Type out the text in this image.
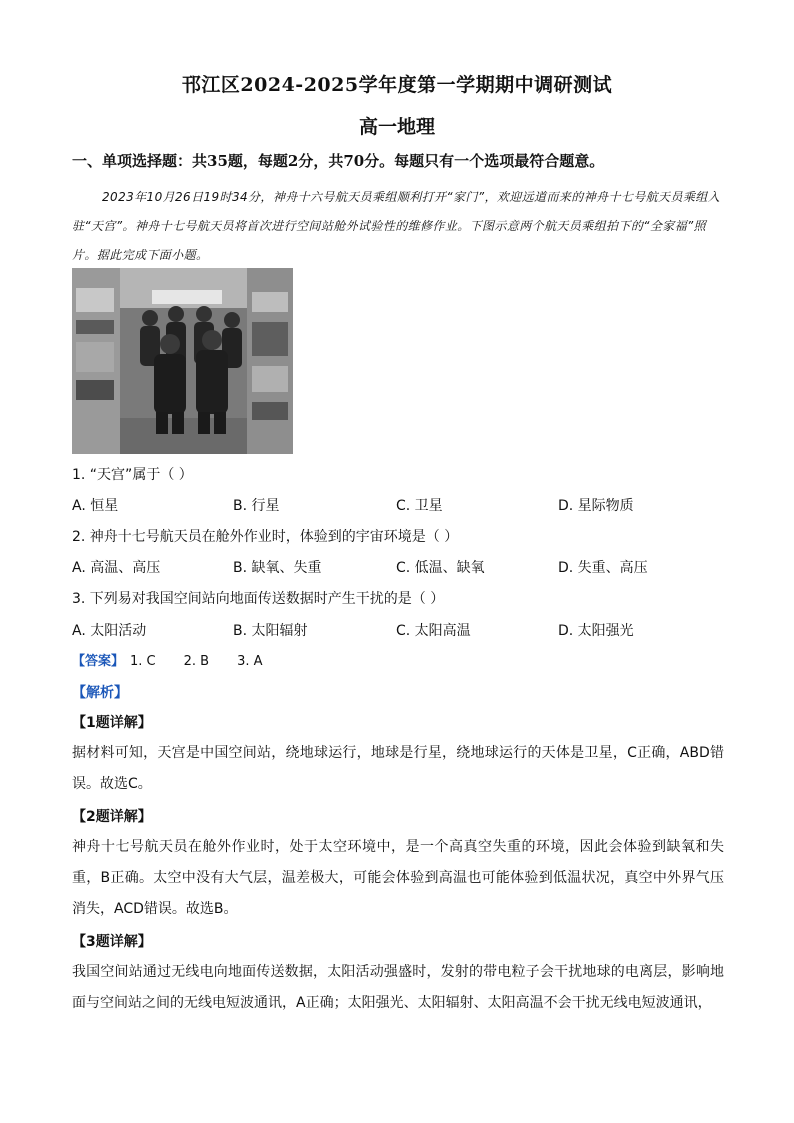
邗江区2024-2025学年度第一学期期中调研测试
高一地理
一、单项选择题：共35题，每题2分，共70分。每题只有一个选项最符合题意。
2023年10月26日19时34分，神舟十六号航天员乘组顺利打开“家门”，欢迎远道而来的神舟十七号航天员乘组入驻“天宫”。神舟十七号航天员将首次进行空间站舱外试验性的维修作业。下图示意两个航天员乘组拍下的“全家福”照片。据此完成下面小题。
1. “天宫”属于（ ）
A. 恒星	B. 行星	C. 卫星	D. 星际物质
2. 神舟十七号航天员在舱外作业时，体验到的宇宙环境是（ ）
A. 高温、高压	B. 缺氧、失重	C. 低温、缺氧	D. 失重、高压
3. 下列易对我国空间站向地面传送数据时产生干扰的是（ ）
A. 太阳活动	B. 太阳辐射	C. 太阳高温	D. 太阳强光
【答案】 1. C 2. B 3. A
【解析】
【1题详解】
据材料可知，天宫是中国空间站，绕地球运行，地球是行星，绕地球运行的天体是卫星，C正确，ABD错误。故选C。
【2题详解】
神舟十七号航天员在舱外作业时，处于太空环境中，是一个高真空失重的环境，因此会体验到缺氧和失重，B正确。太空中没有大气层，温差极大，可能会体验到高温也可能体验到低温状况，真空中外界气压消失，ACD错误。故选B。
【3题详解】
我国空间站通过无线电向地面传送数据，太阳活动强盛时，发射的带电粒子会干扰地球的电离层，影响地面与空间站之间的无线电短波通讯，A正确；太阳强光、太阳辐射、太阳高温不会干扰无线电短波通讯，
